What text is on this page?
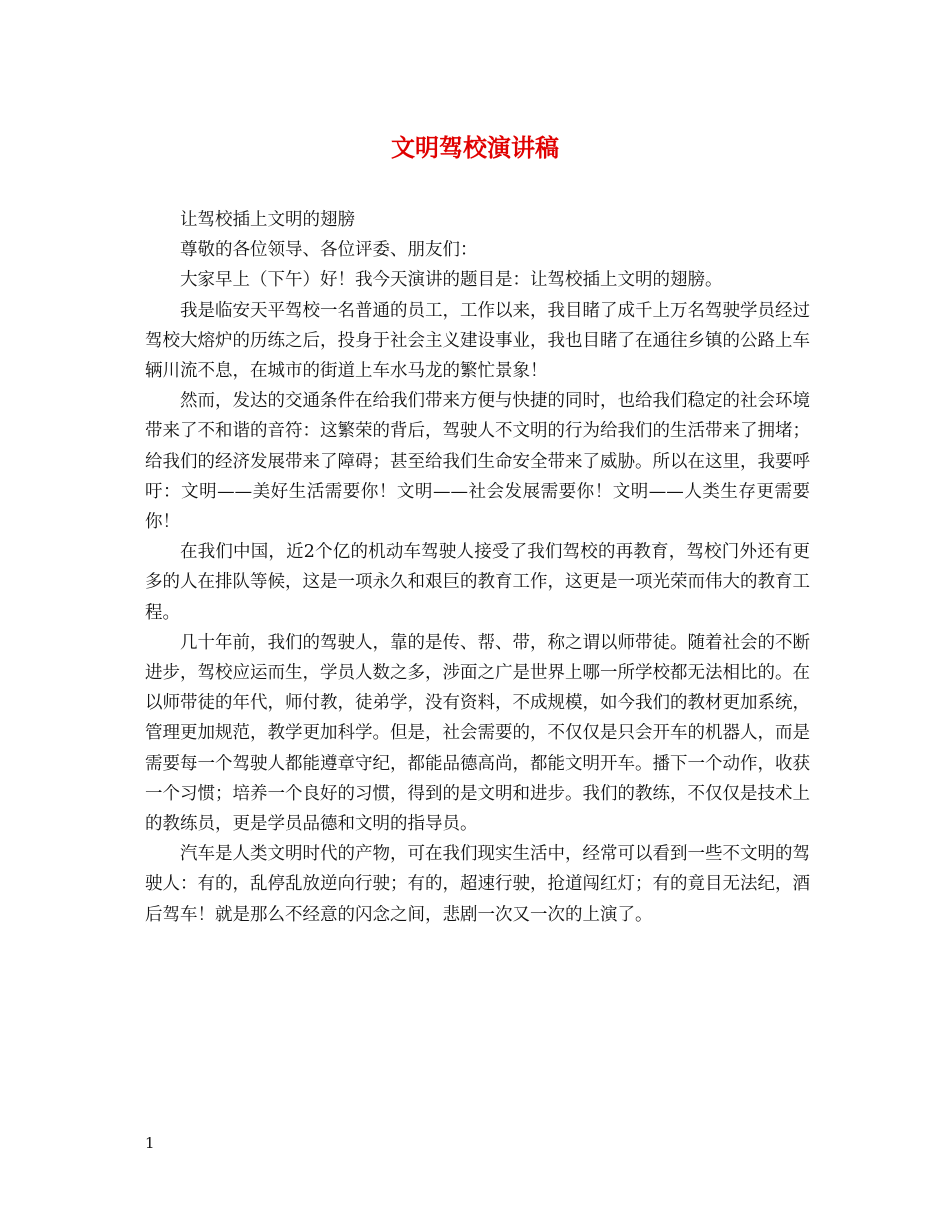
文明驾校演讲稿

让驾校插上文明的翅膀

尊敬的各位领导、各位评委、朋友们：

大家早上（下午）好！我今天演讲的题目是：让驾校插上文明的翅膀。

我是临安天平驾校一名普通的员工，工作以来，我目睹了成千上万名驾驶学员经过驾校大熔炉的历练之后，投身于社会主义建设事业，我也目睹了在通往乡镇的公路上车辆川流不息，在城市的街道上车水马龙的繁忙景象！

然而，发达的交通条件在给我们带来方便与快捷的同时，也给我们稳定的社会环境带来了不和谐的音符：这繁荣的背后，驾驶人不文明的行为给我们的生活带来了拥堵；给我们的经济发展带来了障碍；甚至给我们生命安全带来了威胁。所以在这里，我要呼吁：文明——美好生活需要你！文明——社会发展需要你！文明——人类生存更需要你！

在我们中国，近2个亿的机动车驾驶人接受了我们驾校的再教育，驾校门外还有更多的人在排队等候，这是一项永久和艰巨的教育工作，这更是一项光荣而伟大的教育工程。

几十年前，我们的驾驶人，靠的是传、帮、带，称之谓以师带徒。随着社会的不断进步，驾校应运而生，学员人数之多，涉面之广是世界上哪一所学校都无法相比的。在以师带徒的年代，师付教，徒弟学，没有资料，不成规模，如今我们的教材更加系统，管理更加规范，教学更加科学。但是，社会需要的，不仅仅是只会开车的机器人，而是需要每一个驾驶人都能遵章守纪，都能品德高尚，都能文明开车。播下一个动作，收获一个习惯；培养一个良好的习惯，得到的是文明和进步。我们的教练，不仅仅是技术上的教练员，更是学员品德和文明的指导员。

汽车是人类文明时代的产物，可在我们现实生活中，经常可以看到一些不文明的驾驶人：有的，乱停乱放逆向行驶；有的，超速行驶，抢道闯红灯；有的竟目无法纪，酒后驾车！就是那么不经意的闪念之间，悲剧一次又一次的上演了。

1
